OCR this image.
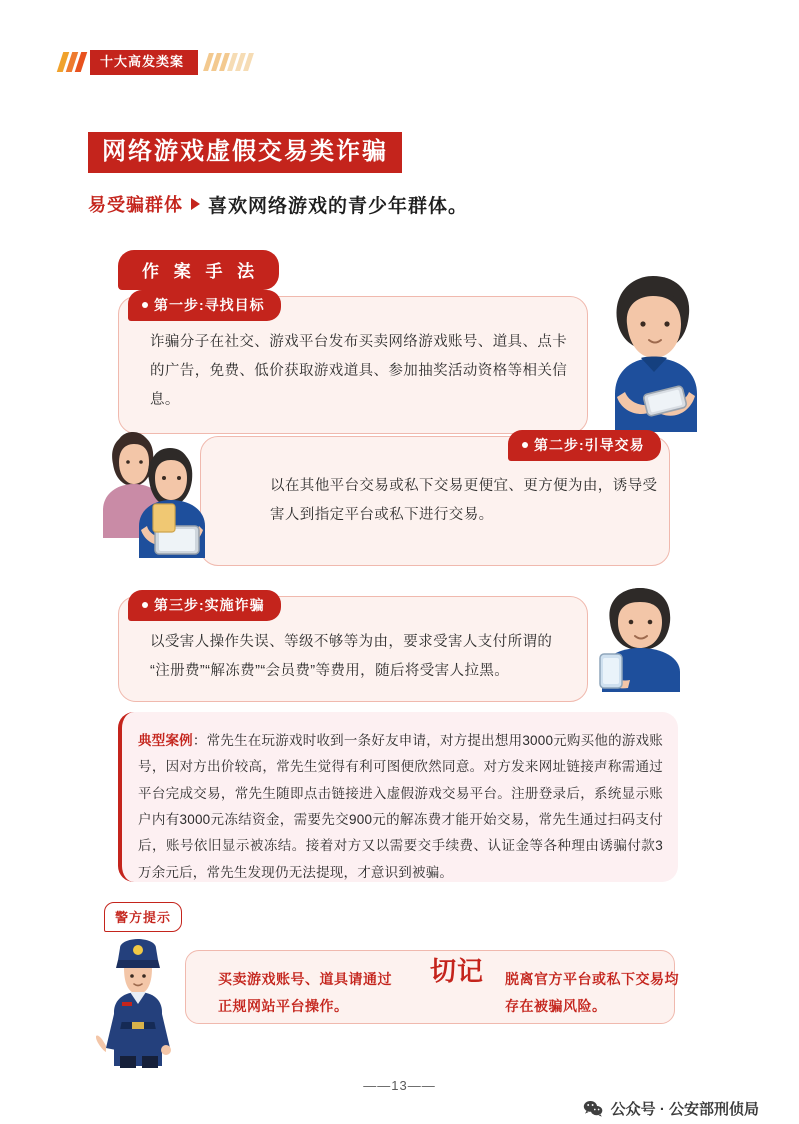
十大高发类案
网络游戏虚假交易类诈骗
易受骗群体 喜欢网络游戏的青少年群体。
作 案 手 法
第一步:寻找目标
诈骗分子在社交、游戏平台发布买卖网络游戏账号、道具、点卡的广告，免费、低价获取游戏道具、参加抽奖活动资格等相关信息。
第二步:引导交易
以在其他平台交易或私下交易更便宜、更方便为由，诱导受害人到指定平台或私下进行交易。
第三步:实施诈骗
以受害人操作失误、等级不够等为由，要求受害人支付所谓的“注册费”“解冻费”“会员费”等费用，随后将受害人拉黑。
典型案例：常先生在玩游戏时收到一条好友申请，对方提出想用3000元购买他的游戏账号，因对方出价较高，常先生觉得有利可图便欣然同意。对方发来网址链接声称需通过平台完成交易，常先生随即点击链接进入虚假游戏交易平台。注册登录后，系统显示账户内有3000元冻结资金，需要先交900元的解冻费才能开始交易，常先生通过扫码支付后，账号依旧显示被冻结。接着对方又以需要交手续费、认证金等各种理由诱骗付款3万余元后，常先生发现仍无法提现，才意识到被骗。
警方提示
买卖游戏账号、道具请通过正规网站平台操作。
切记 脱离官方平台或私下交易均存在被骗风险。
——13——
公众号 · 公安部刑侦局
